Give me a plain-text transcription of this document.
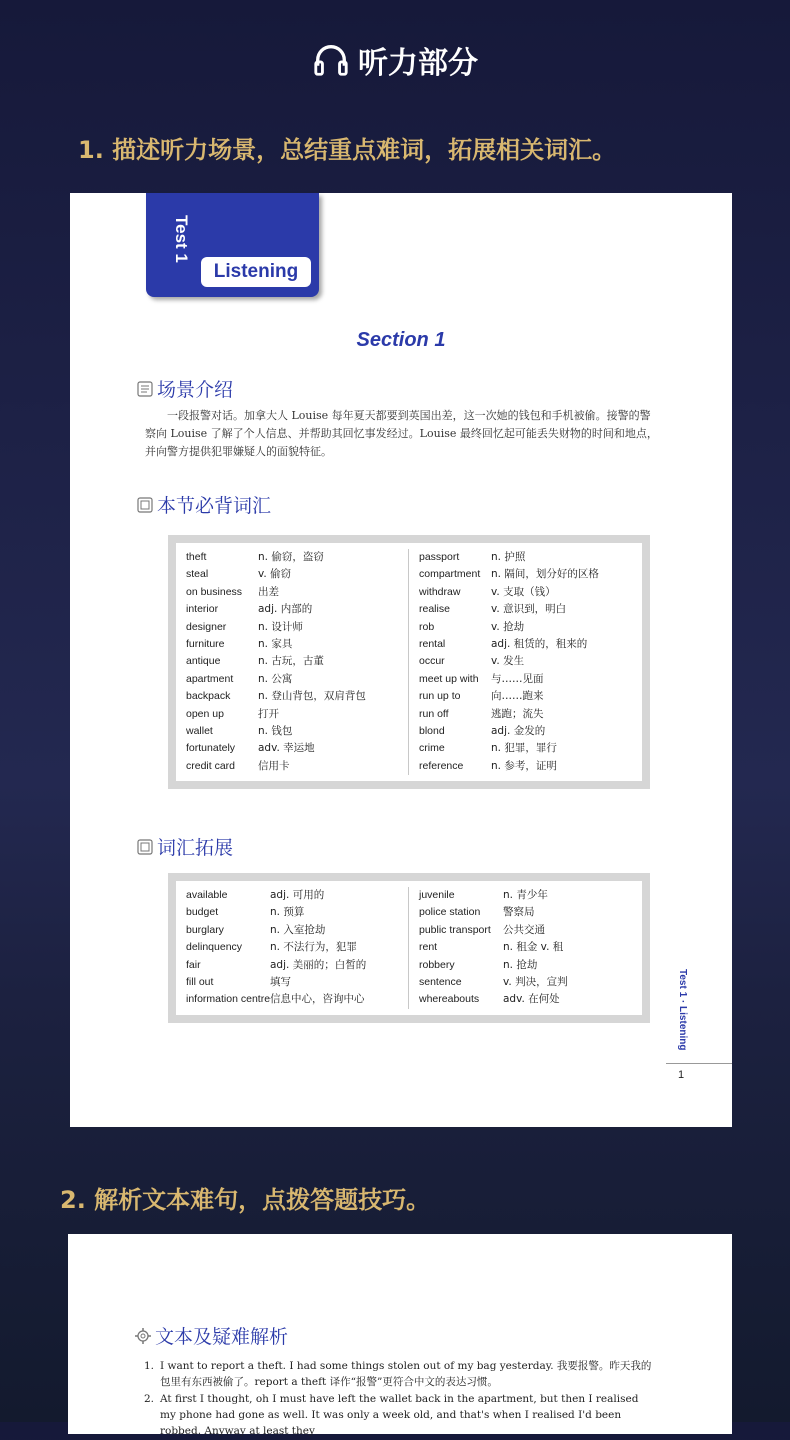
听力部分
1. 描述听力场景，总结重点难词，拓展相关词汇。
Test 1
Listening
Section 1
场景介绍
一段报警对话。加拿大人 Louise 每年夏天都要到英国出差，这一次她的钱包和手机被偷。接警的警察向 Louise 了解了个人信息、并帮助其回忆事发经过。Louise 最终回忆起可能丢失财物的时间和地点，并向警方提供犯罪嫌疑人的面貌特征。
本节必背词汇
theft	n. 偷窃，盗窃
steal	v. 偷窃
on business	出差
interior	adj. 内部的
designer	n. 设计师
furniture	n. 家具
antique	n. 古玩，古董
apartment	n. 公寓
backpack	n. 登山背包，双肩背包
open up	打开
wallet	n. 钱包
fortunately	adv. 幸运地
credit card	信用卡
passport	n. 护照
compartment	n. 隔间，划分好的区格
withdraw	v. 支取（钱）
realise	v. 意识到，明白
rob	v. 抢劫
rental	adj. 租赁的，租来的
occur	v. 发生
meet up with	与……见面
run up to	向……跑来
run off	逃跑；流失
blond	adj. 金发的
crime	n. 犯罪，罪行
reference	n. 参考，证明
词汇拓展
available	adj. 可用的
budget	n. 预算
burglary	n. 入室抢劫
delinquency	n. 不法行为，犯罪
fair	adj. 美丽的；白皙的
fill out	填写
information centre 信息中心，咨询中心
juvenile	n. 青少年
police station	警察局
public transport	公共交通
rent	n. 租金 v. 租
robbery	n. 抢劫
sentence	v. 判决，宣判
whereabouts	adv. 在何处	Test 1 · Listening
1
2. 解析文本难句，点拨答题技巧。
文本及疑难解析
1. I want to report a theft. I had some things stolen out of my bag yesterday. 我要报警。昨天我的包里有东西被偷了。report a theft 译作“报警”更符合中文的表达习惯。
2. At first I thought, oh I must have left the wallet back in the apartment, but then I realised my phone had gone as well. It was only a week old, and that's when I realised I'd been robbed. Anyway at least they
